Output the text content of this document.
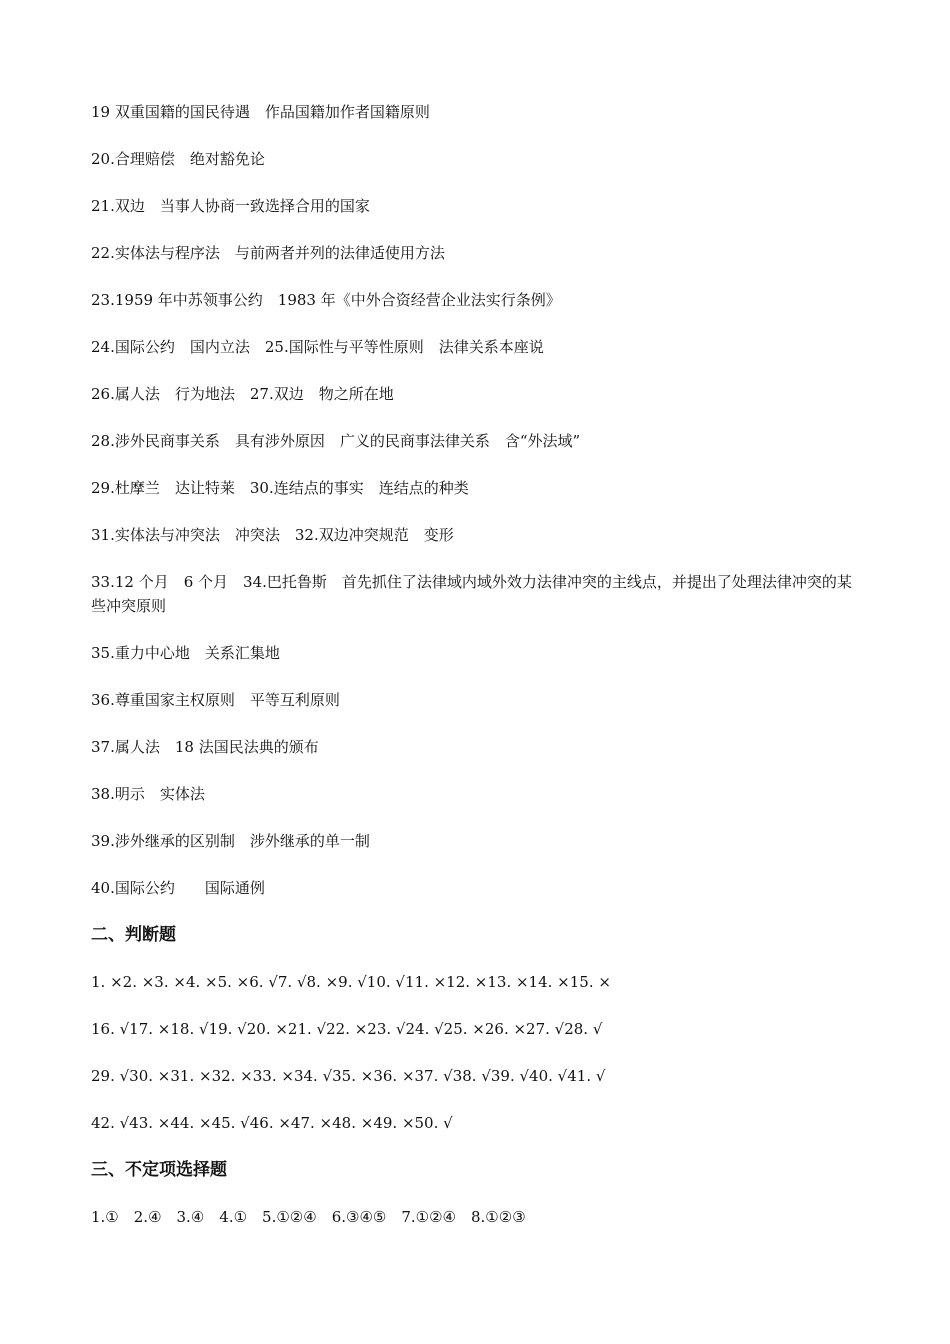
19 双重国籍的国民待遇　作品国籍加作者国籍原则

20.合理赔偿　绝对豁免论

21.双边　当事人协商一致选择合用的国家

22.实体法与程序法　与前两者并列的法律适使用方法

23.1959 年中苏领事公约　1983 年《中外合资经营企业法实行条例》

24.国际公约　国内立法　25.国际性与平等性原则　法律关系本座说

26.属人法　行为地法　27.双边　物之所在地

28.涉外民商事关系　具有涉外原因　广义的民商事法律关系　含“外法域”

29.杜摩兰　达让特莱　30.连结点的事实　连结点的种类

31.实体法与冲突法　冲突法　32.双边冲突规范　变形

33.12 个月　6 个月　34.巴托鲁斯　首先抓住了法律域内域外效力法律冲突的主线点，并提出了处理法律冲突的某些冲突原则

35.重力中心地　关系汇集地

36.尊重国家主权原则　平等互利原则

37.属人法　18 法国民法典的颁布

38.明示　实体法

39.涉外继承的区别制　涉外继承的单一制

40.国际公约　　国际通例

二、判断题

1. ×2. ×3. ×4. ×5. ×6. √7. √8. ×9. √10. √11. ×12. ×13. ×14. ×15. ×

16. √17. ×18. √19. √20. ×21. √22. ×23. √24. √25. ×26. ×27. √28. √

29. √30. ×31. ×32. ×33. ×34. √35. ×36. ×37. √38. √39. √40. √41. √

42. √43. ×44. ×45. √46. ×47. ×48. ×49. ×50. √

三、不定项选择题

1.①　2.④　3.④　4.①　5.①②④　6.③④⑤　7.①②④　8.①②③
